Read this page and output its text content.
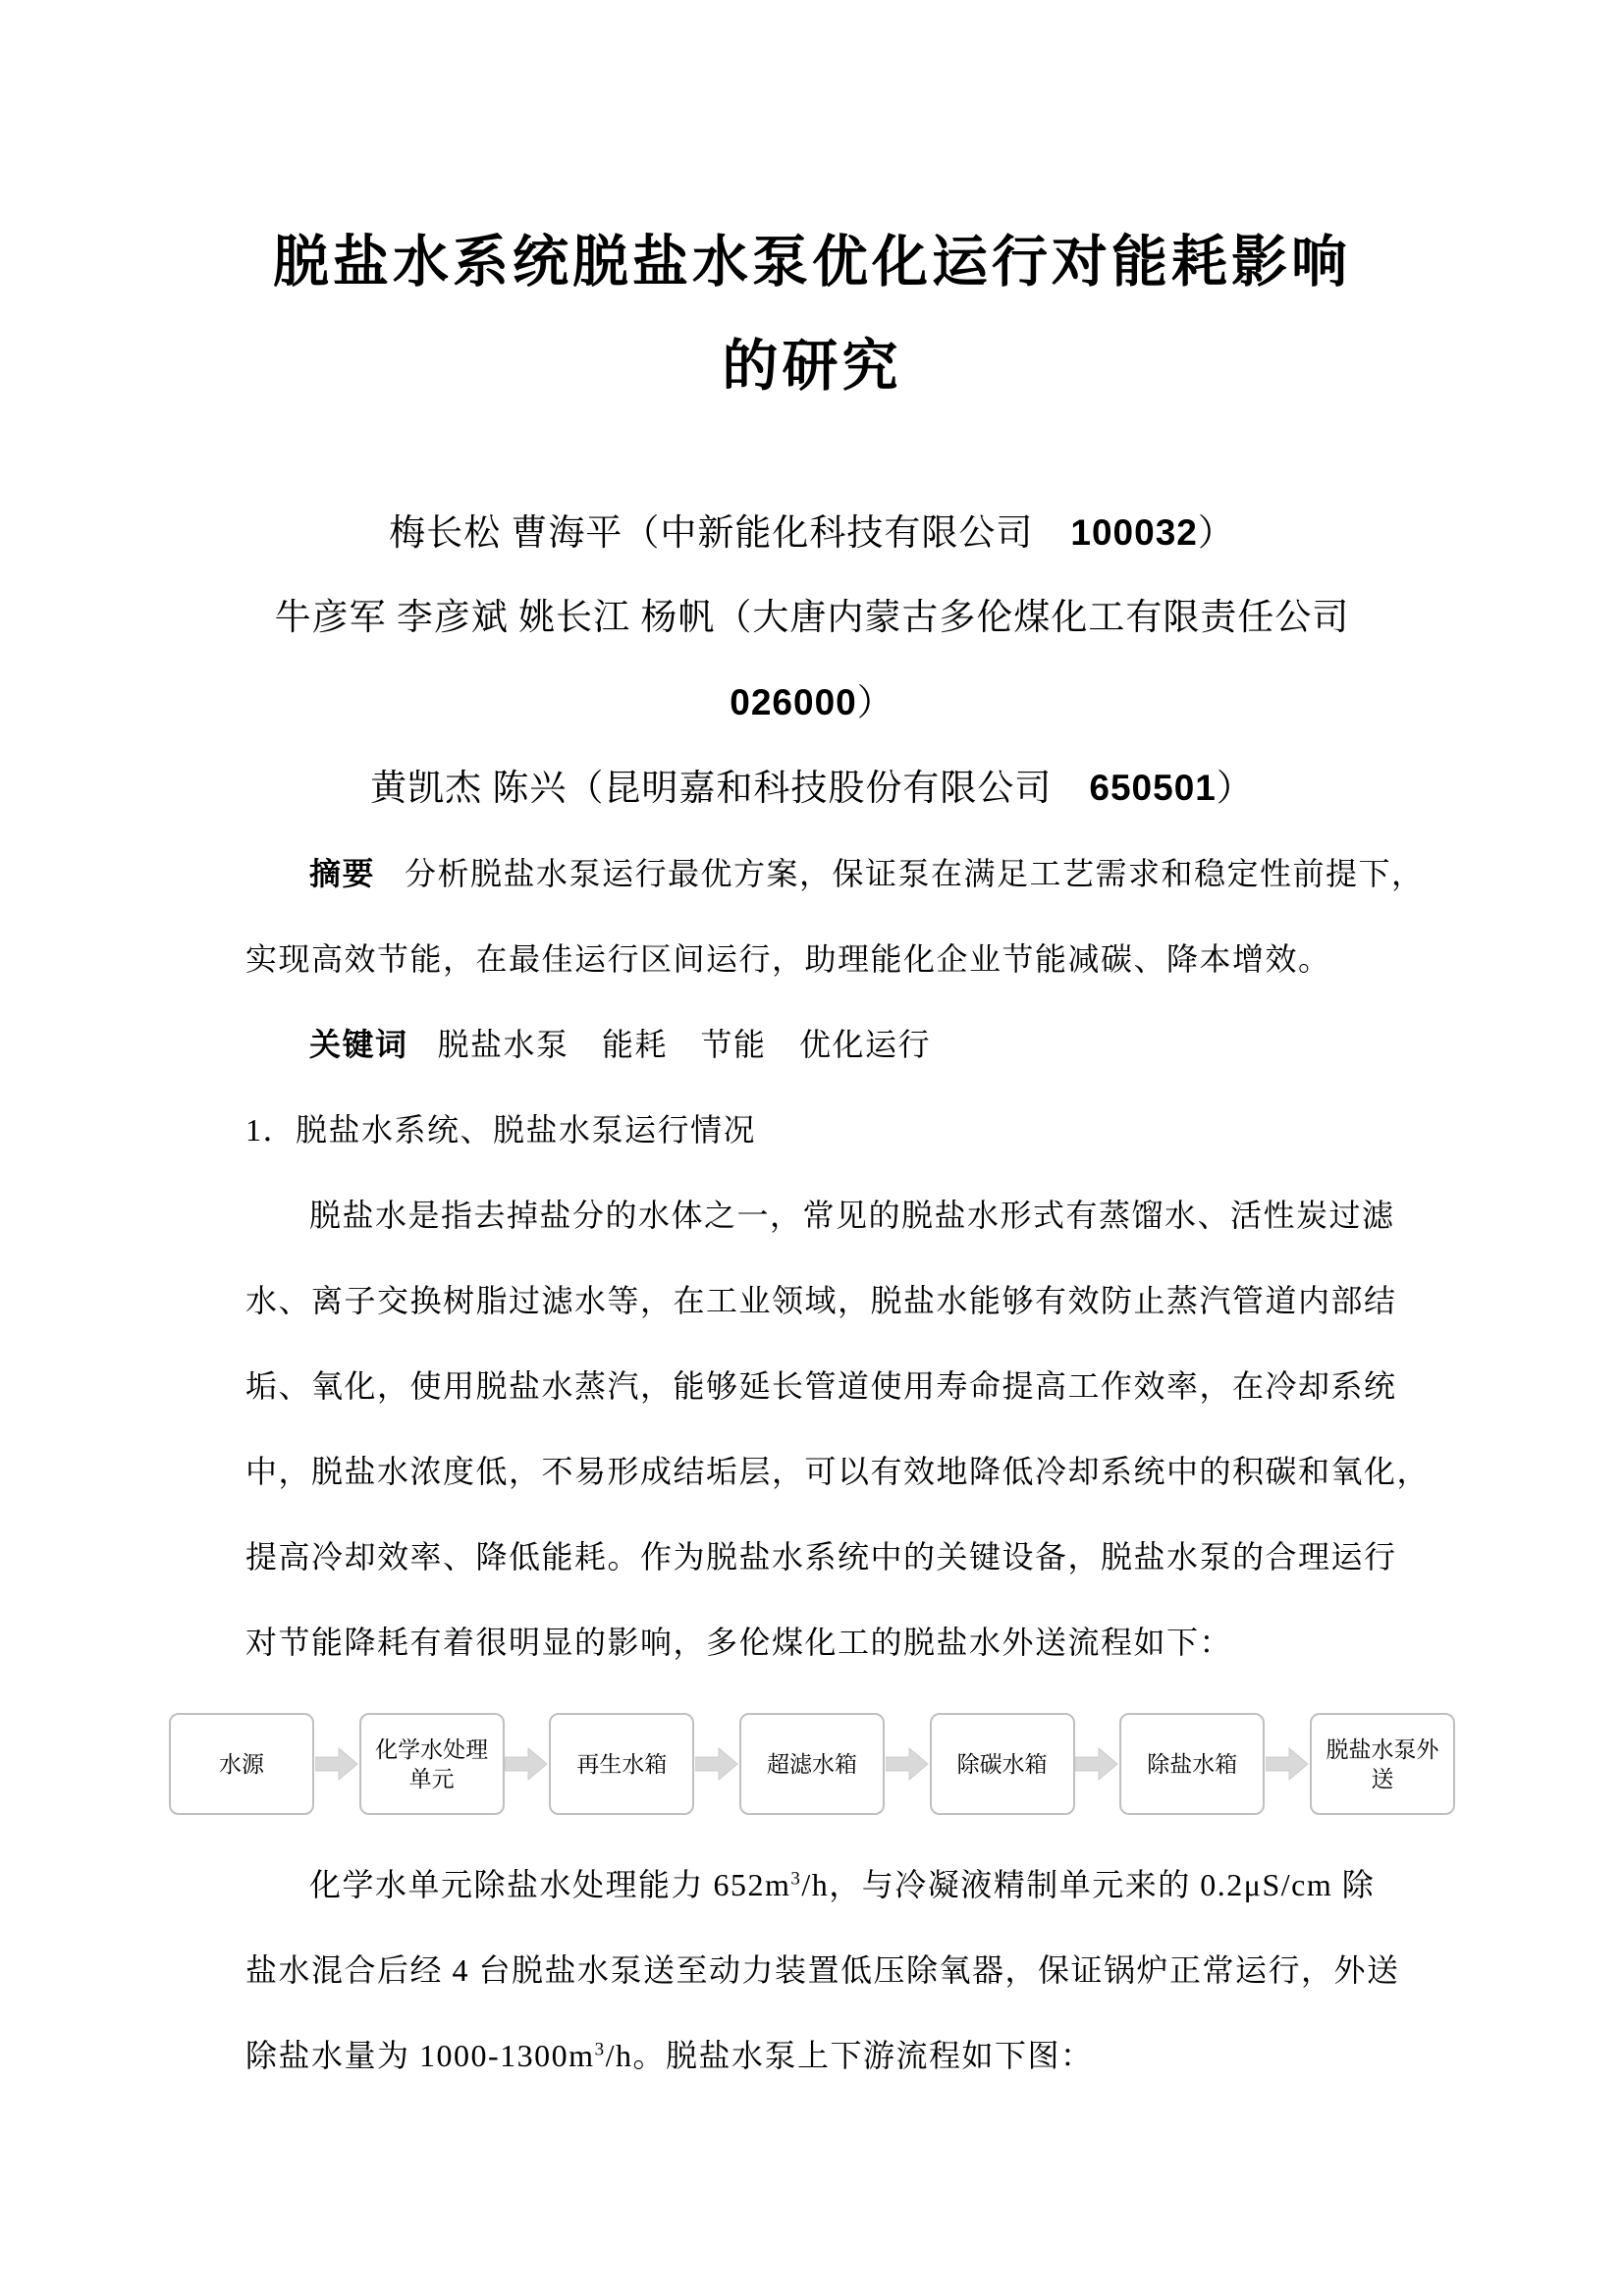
脱盐水系统脱盐水泵优化运行对能耗影响
的研究
梅长松 曹海平（中新能化科技有限公司　100032）
牛彦军 李彦斌 姚长江 杨帆（大唐内蒙古多伦煤化工有限责任公司
026000）
黄凯杰 陈兴（昆明嘉和科技股份有限公司　650501）
摘要 分析脱盐水泵运行最优方案，保证泵在满足工艺需求和稳定性前提下，
实现高效节能，在最佳运行区间运行，助理能化企业节能减碳、降本增效。
关键词 脱盐水泵　能耗　节能　优化运行
1．脱盐水系统、脱盐水泵运行情况
脱盐水是指去掉盐分的水体之一，常见的脱盐水形式有蒸馏水、活性炭过滤
水、离子交换树脂过滤水等，在工业领域，脱盐水能够有效防止蒸汽管道内部结
垢、氧化，使用脱盐水蒸汽，能够延长管道使用寿命提高工作效率，在冷却系统
中，脱盐水浓度低，不易形成结垢层，可以有效地降低冷却系统中的积碳和氧化，
提高冷却效率、降低能耗。作为脱盐水系统中的关键设备，脱盐水泵的合理运行
对节能降耗有着很明显的影响，多伦煤化工的脱盐水外送流程如下：
水源
化学水处理单元
再生水箱	超滤水箱	除碳水箱	除盐水箱
脱盐水泵外送
化学水单元除盐水处理能力 $652m^3/h$，与冷凝液精制单元来的 0.2μS/cm 除
盐水混合后经 4 台脱盐水泵送至动力装置低压除氧器，保证锅炉正常运行，外送
除盐水量为 $1000-1300m^3/h$。脱盐水泵上下游流程如下图：
